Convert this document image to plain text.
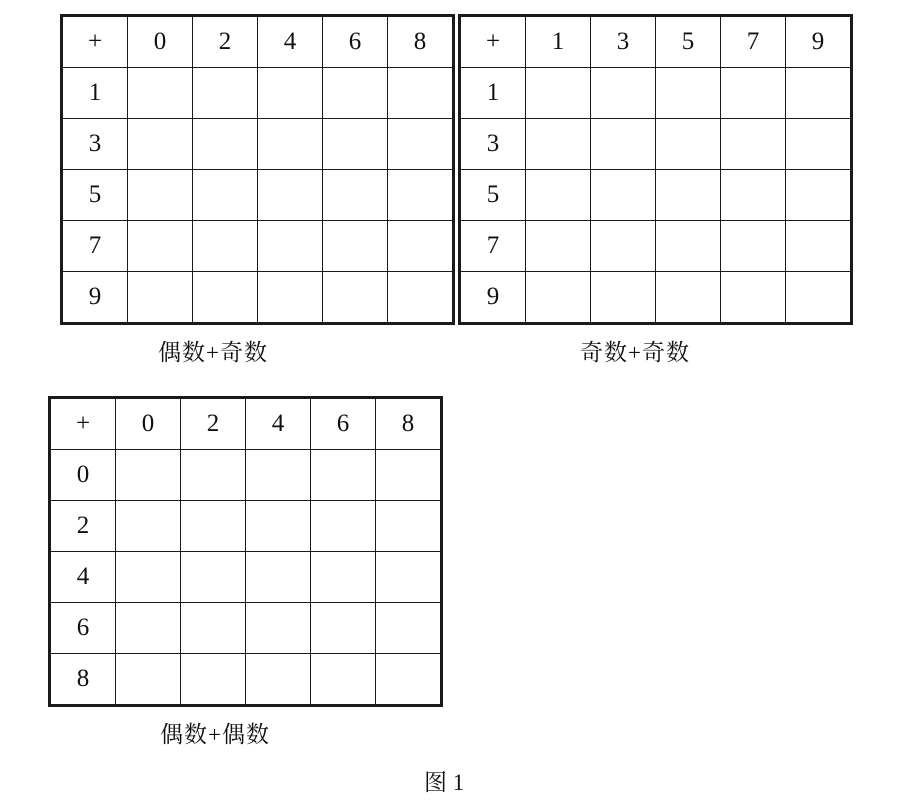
+	0	2	4	6	8
1					
3					
5					
7					
9					
偶数+奇数
+	1	3	5	7	9
1					
3					
5					
7					
9					
奇数+奇数
+	0	2	4	6	8
0					
2					
4					
6					
8					
偶数+偶数
图 1
